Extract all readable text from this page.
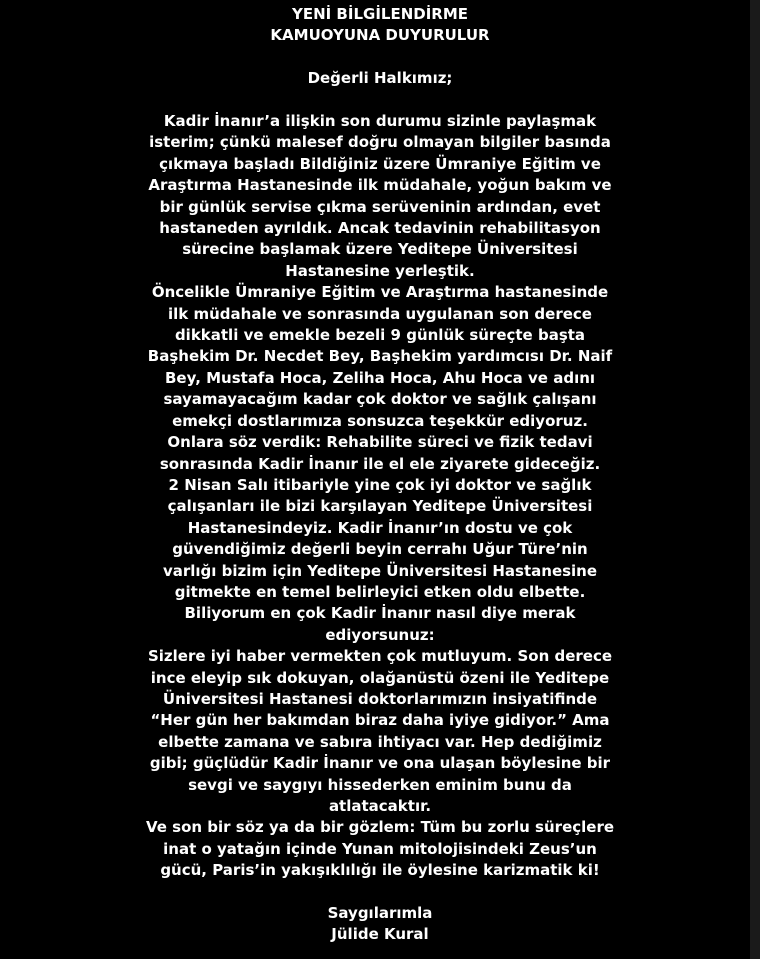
YENİ BİLGİLENDİRME

KAMUOYUNA DUYURULUR

Değerli Halkımız;

Kadir İnanır’a ilişkin son durumu sizinle paylaşmak

isterim; çünkü malesef doğru olmayan bilgiler basında

çıkmaya başladı Bildiğiniz üzere Ümraniye Eğitim ve

Araştırma Hastanesinde ilk müdahale, yoğun bakım ve

bir günlük servise çıkma serüveninin ardından, evet

hastaneden ayrıldık. Ancak tedavinin rehabilitasyon

sürecine başlamak üzere Yeditepe Üniversitesi

Hastanesine yerleştik.

Öncelikle Ümraniye Eğitim ve Araştırma hastanesinde

ilk müdahale ve sonrasında uygulanan son derece

dikkatli ve emekle bezeli 9 günlük süreçte başta

Başhekim Dr. Necdet Bey, Başhekim yardımcısı Dr. Naif

Bey, Mustafa Hoca, Zeliha Hoca, Ahu Hoca ve adını

sayamayacağım kadar çok doktor ve sağlık çalışanı

emekçi dostlarımıza sonsuzca teşekkür ediyoruz.

Onlara söz verdik: Rehabilite süreci ve fizik tedavi

sonrasında Kadir İnanır ile el ele ziyarete gideceğiz.

2 Nisan Salı itibariyle yine çok iyi doktor ve sağlık

çalışanları ile bizi karşılayan Yeditepe Üniversitesi

Hastanesindeyiz. Kadir İnanır’ın dostu ve çok

güvendiğimiz değerli beyin cerrahı Uğur Türe’nin

varlığı bizim için Yeditepe Üniversitesi Hastanesine

gitmekte en temel belirleyici etken oldu elbette.

Biliyorum en çok Kadir İnanır nasıl diye merak

ediyorsunuz:

Sizlere iyi haber vermekten çok mutluyum. Son derece

ince eleyip sık dokuyan, olağanüstü özeni ile Yeditepe

Üniversitesi Hastanesi doktorlarımızın insiyatifinde

“Her gün her bakımdan biraz daha iyiye gidiyor.” Ama

elbette zamana ve sabıra ihtiyacı var. Hep dediğimiz

gibi; güçlüdür Kadir İnanır ve ona ulaşan böylesine bir

sevgi ve saygıyı hissederken eminim bunu da

atlatacaktır.

Ve son bir söz ya da bir gözlem: Tüm bu zorlu süreçlere

inat o yatağın içinde Yunan mitolojisindeki Zeus’un

gücü, Paris’in yakışıklılığı ile öylesine karizmatik ki!

Saygılarımla

Jülide Kural
